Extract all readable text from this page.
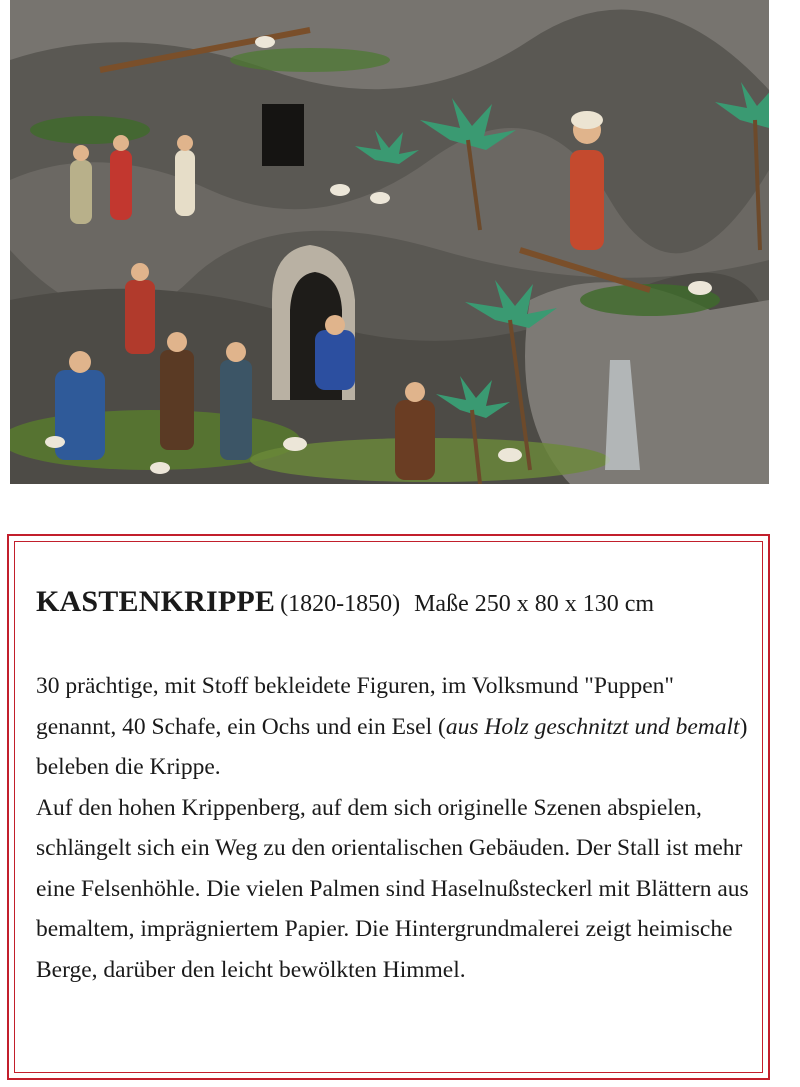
KASTENKRIPPE (1820-1850) Maße 250 x 80 x 130 cm

30 prächtige, mit Stoff bekleidete Figuren, im Volksmund "Puppen" genannt, 40 Schafe, ein Ochs und ein Esel (aus Holz geschnitzt und bemalt) beleben die Krippe.

Auf den hohen Krippenberg, auf dem sich originelle Szenen abspielen, schlängelt sich ein Weg zu den orientalischen Gebäuden. Der Stall ist mehr eine Felsenhöhle. Die vielen Palmen sind Haselnußsteckerl mit Blättern aus bemaltem, imprägniertem Papier. Die Hintergrundmalerei zeigt heimische Berge, darüber den leicht bewölkten Himmel.
